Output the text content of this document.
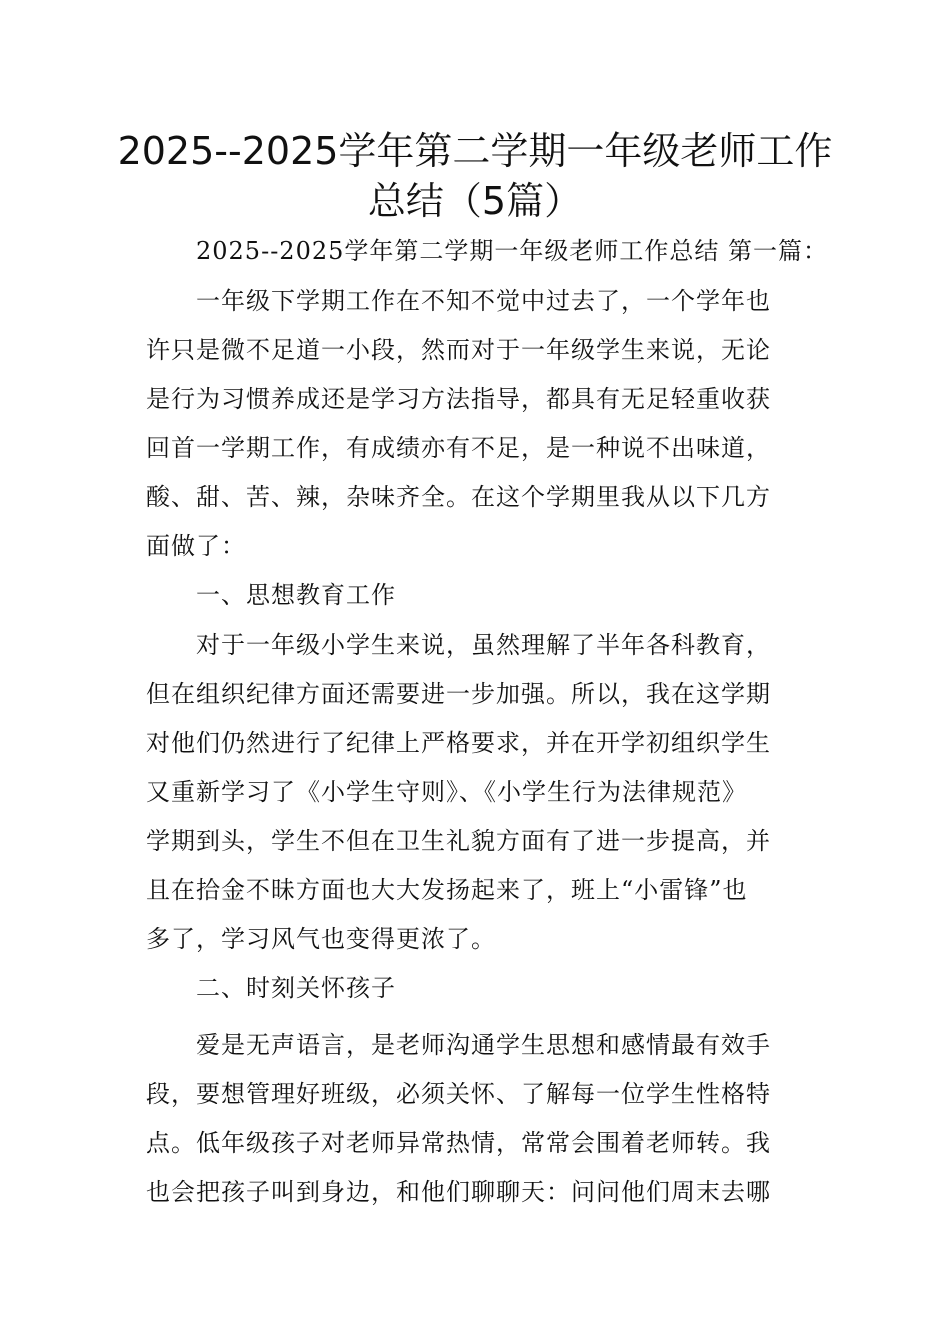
2025--2025学年第二学期一年级老师工作
总结（5篇）
2025--2025学年第二学期一年级老师工作总结 第一篇：
一年级下学期工作在不知不觉中过去了，一个学年也
许只是微不足道一小段，然而对于一年级学生来说，无论
是行为习惯养成还是学习方法指导，都具有无足轻重收获
回首一学期工作，有成绩亦有不足，是一种说不出味道，
酸、甜、苦、辣，杂味齐全。在这个学期里我从以下几方
面做了：
一、思想教育工作
对于一年级小学生来说，虽然理解了半年各科教育，
但在组织纪律方面还需要进一步加强。所以，我在这学期
对他们仍然进行了纪律上严格要求，并在开学初组织学生
又重新学习了《小学生守则》、《小学生行为法律规范》
学期到头，学生不但在卫生礼貌方面有了进一步提高，并
且在拾金不昧方面也大大发扬起来了，班上“小雷锋”也
多了，学习风气也变得更浓了。
二、时刻关怀孩子
爱是无声语言，是老师沟通学生思想和感情最有效手
段，要想管理好班级，必须关怀、了解每一位学生性格特
点。低年级孩子对老师异常热情，常常会围着老师转。我
也会把孩子叫到身边，和他们聊聊天：问问他们周末去哪
